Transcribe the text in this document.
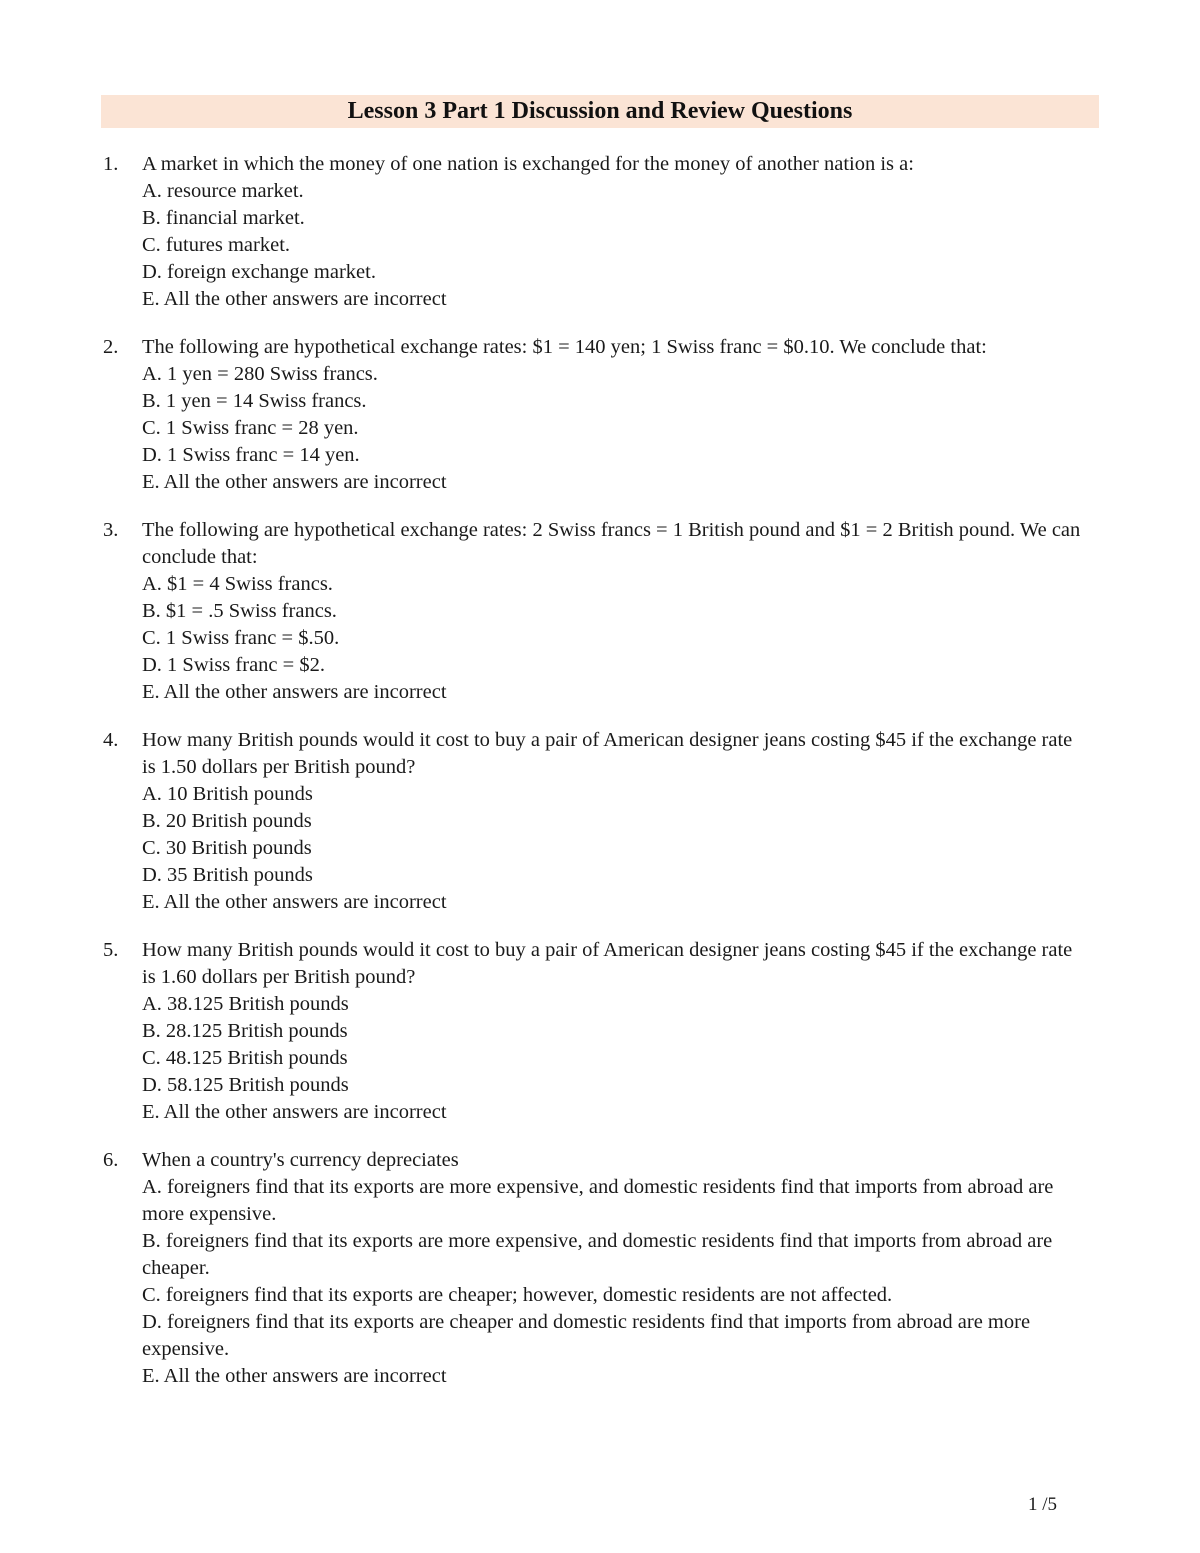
Lesson 3 Part 1 Discussion and Review Questions
1. A market in which the money of one nation is exchanged for the money of another nation is a:
A. resource market.
B. financial market.
C. futures market.
D. foreign exchange market.
E. All the other answers are incorrect
2. The following are hypothetical exchange rates: $1 = 140 yen; 1 Swiss franc = $0.10. We conclude that:
A. 1 yen = 280 Swiss francs.
B. 1 yen = 14 Swiss francs.
C. 1 Swiss franc = 28 yen.
D. 1 Swiss franc = 14 yen.
E. All the other answers are incorrect
3. The following are hypothetical exchange rates: 2 Swiss francs = 1 British pound and $1 = 2 British pound. We can conclude that:
A. $1 = 4 Swiss francs.
B. $1 = .5 Swiss francs.
C. 1 Swiss franc = $.50.
D. 1 Swiss franc = $2.
E. All the other answers are incorrect
4. How many British pounds would it cost to buy a pair of American designer jeans costing $45 if the exchange rate is 1.50 dollars per British pound?
A. 10 British pounds
B. 20 British pounds
C. 30 British pounds
D. 35 British pounds
E. All the other answers are incorrect
5. How many British pounds would it cost to buy a pair of American designer jeans costing $45 if the exchange rate is 1.60 dollars per British pound?
A. 38.125 British pounds
B. 28.125 British pounds
C. 48.125 British pounds
D. 58.125 British pounds
E. All the other answers are incorrect
6. When a country's currency depreciates
A. foreigners find that its exports are more expensive, and domestic residents find that imports from abroad are more expensive.
B. foreigners find that its exports are more expensive, and domestic residents find that imports from abroad are cheaper.
C. foreigners find that its exports are cheaper; however, domestic residents are not affected.
D. foreigners find that its exports are cheaper and domestic residents find that imports from abroad are more expensive.
E. All the other answers are incorrect
1 /5
